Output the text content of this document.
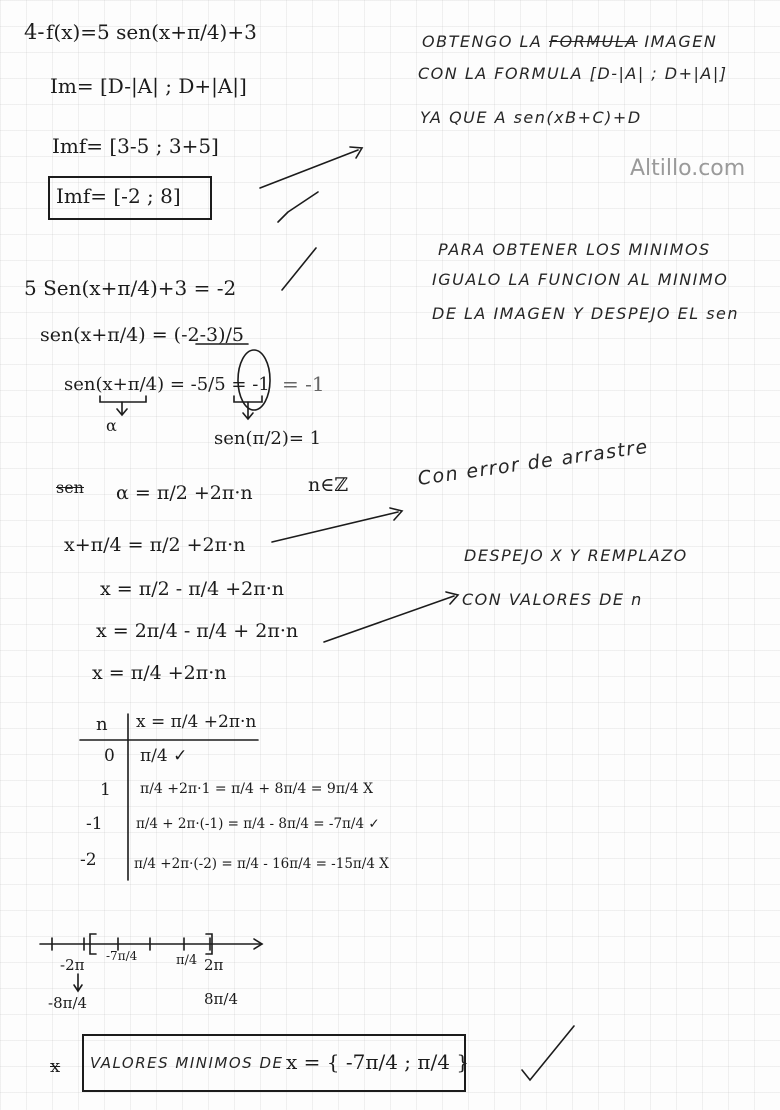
Altillo.com
4- f(x)=5 sen(x+π/4)+3
Im= [D-|A| ; D+|A|]
Imf= [3-5 ; 3+5]
Imf= [-2 ; 8]
OBTENGO LA FORMULA IMAGEN
CON LA FORMULA [D-|A| ; D+|A|]
YA QUE A sen(xB+C)+D
PARA OBTENER LOS MINIMOS
IGUALO LA FUNCION AL MINIMO
DE LA IMAGEN Y DESPEJO EL sen
Con error de arrastre
DESPEJO X Y REMPLAZO
CON VALORES DE n
5 Sen(x+π/4)+3 = -2
sen(x+π/4) = (-2-3)/5
sen(x+π/4) = -5/5 = -1 = -1
α
sen(π/2)= 1
sen α = π/2 +2π·n	n∈ℤ
x+π/4 = π/2 +2π·n
x = π/2 - π/4 +2π·n
x = 2π/4 - π/4 + 2π·n
x = π/4 +2π·n
n x = π/4 +2π·n
0 π/4 ✓
1 π/4 +2π·1 = π/4 + 8π/4 = 9π/4 X
-1 π/4 + 2π·(-1) = π/4 - 8π/4 = -7π/4 ✓
-2	π/4 +2π·(-2) = π/4 - 16π/4 = -15π/4 X
-2π -7π/4	π/4 2π
-8π/4	8π/4
x VALORES MINIMOS DE x = { -7π/4 ; π/4 }
